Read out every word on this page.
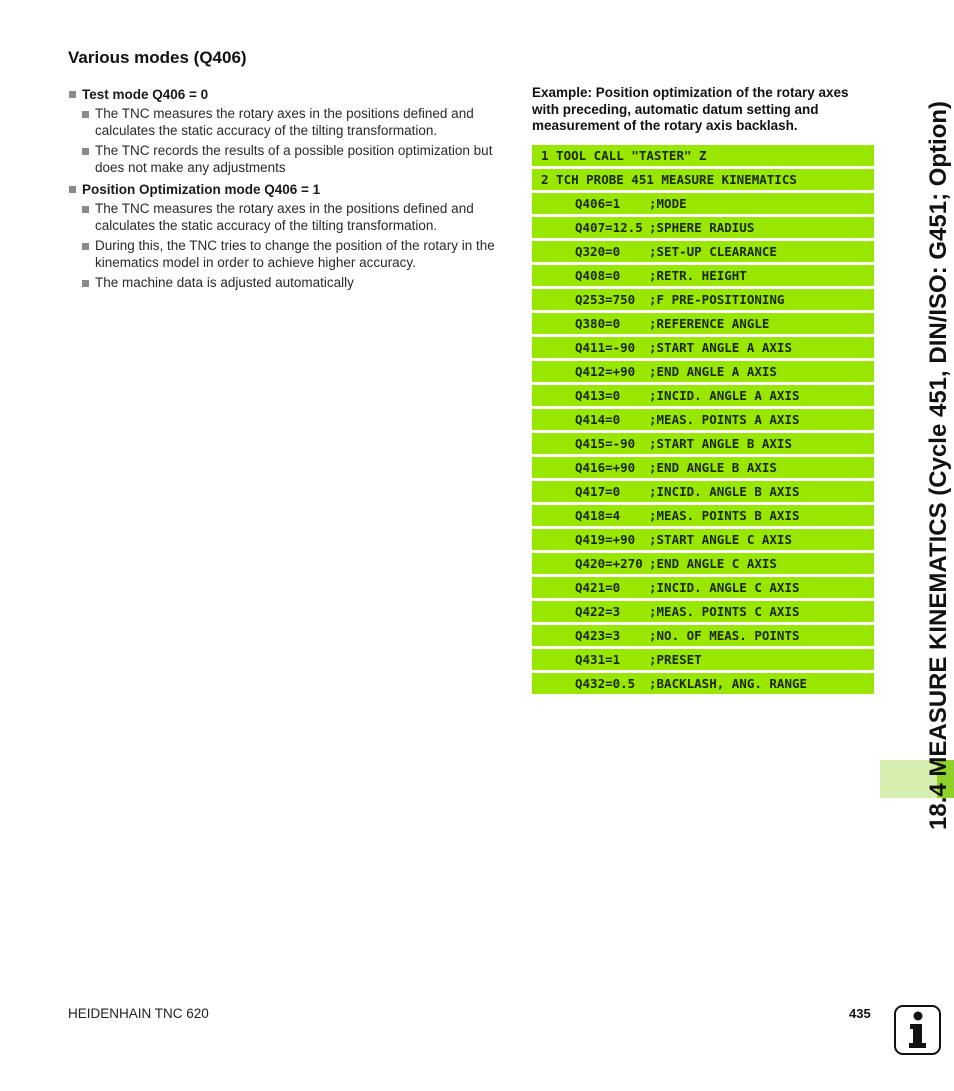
Various modes (Q406)
Test mode Q406 = 0
The TNC measures the rotary axes in the positions defined and calculates the static accuracy of the tilting transformation.
The TNC records the results of a possible position optimization but does not make any adjustments
Position Optimization mode Q406 = 1
The TNC measures the rotary axes in the positions defined and calculates the static accuracy of the tilting transformation.
During this, the TNC tries to change the position of the rotary in the kinematics model in order to achieve higher accuracy.
The machine data is adjusted automatically
Example: Position optimization of the rotary axes with preceding, automatic datum setting and measurement of the rotary axis backlash.
1 TOOL CALL "TASTER" Z
2 TCH PROBE 451 MEASURE KINEMATICS
Q406=1	;MODE
Q407=12.5 ;SPHERE RADIUS
Q320=0	;SET-UP CLEARANCE
Q408=0	;RETR. HEIGHT
Q253=750	;F PRE-POSITIONING
Q380=0	;REFERENCE ANGLE
Q411=-90	;START ANGLE A AXIS
Q412=+90	;END ANGLE A AXIS
Q413=0	;INCID. ANGLE A AXIS
Q414=0	;MEAS. POINTS A AXIS
Q415=-90	;START ANGLE B AXIS
Q416=+90	;END ANGLE B AXIS
Q417=0	;INCID. ANGLE B AXIS
Q418=4	;MEAS. POINTS B AXIS
Q419=+90	;START ANGLE C AXIS
Q420=+270 ;END ANGLE C AXIS
Q421=0	;INCID. ANGLE C AXIS
Q422=3	;MEAS. POINTS C AXIS
Q423=3	;NO. OF MEAS. POINTS
Q431=1	;PRESET
Q432=0.5	;BACKLASH, ANG. RANGE	18.4 MEASURE KINEMATICS (Cycle 451, DIN/ISO: G451; Option)
HEIDENHAIN TNC 620	435
